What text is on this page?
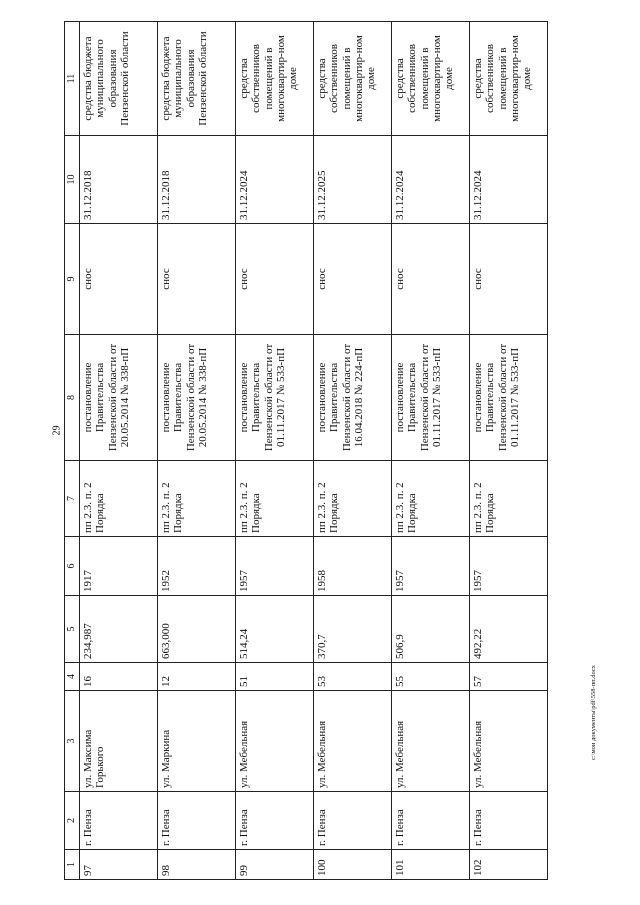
29
1	2	3	4	5	6	7	8	9	10	11
97	г. Пенза	ул. Максима Горького	16	234,987	1917	пп 2.3. п. 2 Порядка	постановление Правительства Пензенской области от 20.05.2014 № 338-пП	снос	31.12.2018	средства бюджета муниципального образования Пензенской области
98	г. Пенза	ул. Маркина	12	663,000	1952	пп 2.3. п. 2 Порядка	постановление Правительства Пензенской области от 20.05.2014 № 338-пП	снос	31.12.2018	средства бюджета муниципального образования Пензенской области
99	г. Пенза	ул. Мебельная	51	514,24	1957	пп 2.3. п. 2 Порядка	постановление Правительства Пензенской области от 01.11.2017 № 533-пП	снос	31.12.2024	средства собственников помещений в многоквартир-ном доме
100	г. Пенза	ул. Мебельная	53	370,7	1958	пп 2.3. п. 2 Порядка	постановление Правительства Пензенской области от 16.04.2018 № 224-пП	снос	31.12.2025	средства собственников помещений в многоквартир-ном доме
101	г. Пенза	ул. Мебельная	55	506,9	1957	пп 2.3. п. 2 Порядка	постановление Правительства Пензенской области от 01.11.2017 № 533-пП	снос	31.12.2024	средства собственников помещений в многоквартир-ном доме
102	г. Пенза	ул. Мебельная	57	492,22	1957	пп 2.3. п. 2 Порядка	постановление Правительства Пензенской области от 01.11.2017 № 533-пП	снос	31.12.2024	средства собственников помещений в многоквартир-ном доме
c:\мои документы\pdf\558-пп.docx
